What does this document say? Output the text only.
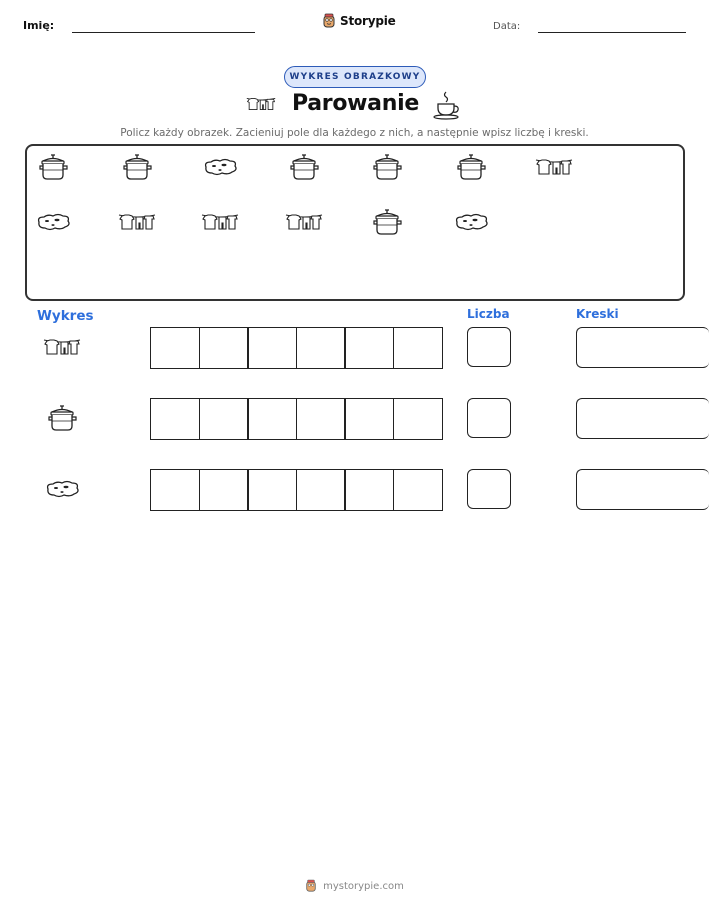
Imię:	Storypie	Data:
WYKRES OBRAZKOWY
Parowanie
Policz każdy obrazek. Zacieniuj pole dla każdego z nich, a następnie wpisz liczbę i kreski.
Wykres	Liczba	Kreski
mystorypie.com
